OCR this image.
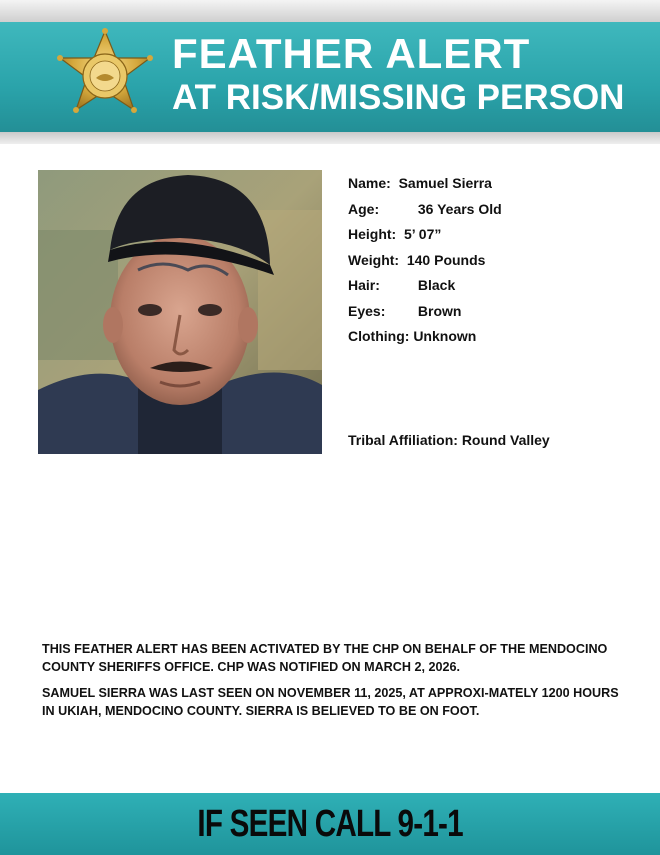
FEATHER ALERT
AT RISK/MISSING PERSON
Name: Samuel Sierra
Age:	36 Years Old
Height: 5’ 07”
Weight: 140 Pounds
Hair:	Black
Eyes: Brown
Clothing: Unknown
Tribal Affiliation: Round Valley

THIS FEATHER ALERT HAS BEEN ACTIVATED BY THE CHP ON BEHALF OF THE MENDOCINO COUNTY SHERIFFS OFFICE. CHP WAS NOTIFIED ON MARCH 2, 2026.

SAMUEL SIERRA WAS LAST SEEN ON NOVEMBER 11, 2025, AT APPROXI-MATELY 1200 HOURS IN UKIAH, MENDOCINO COUNTY. SIERRA IS BELIEVED TO BE ON FOOT.

IF SEEN CALL 9-1-1
